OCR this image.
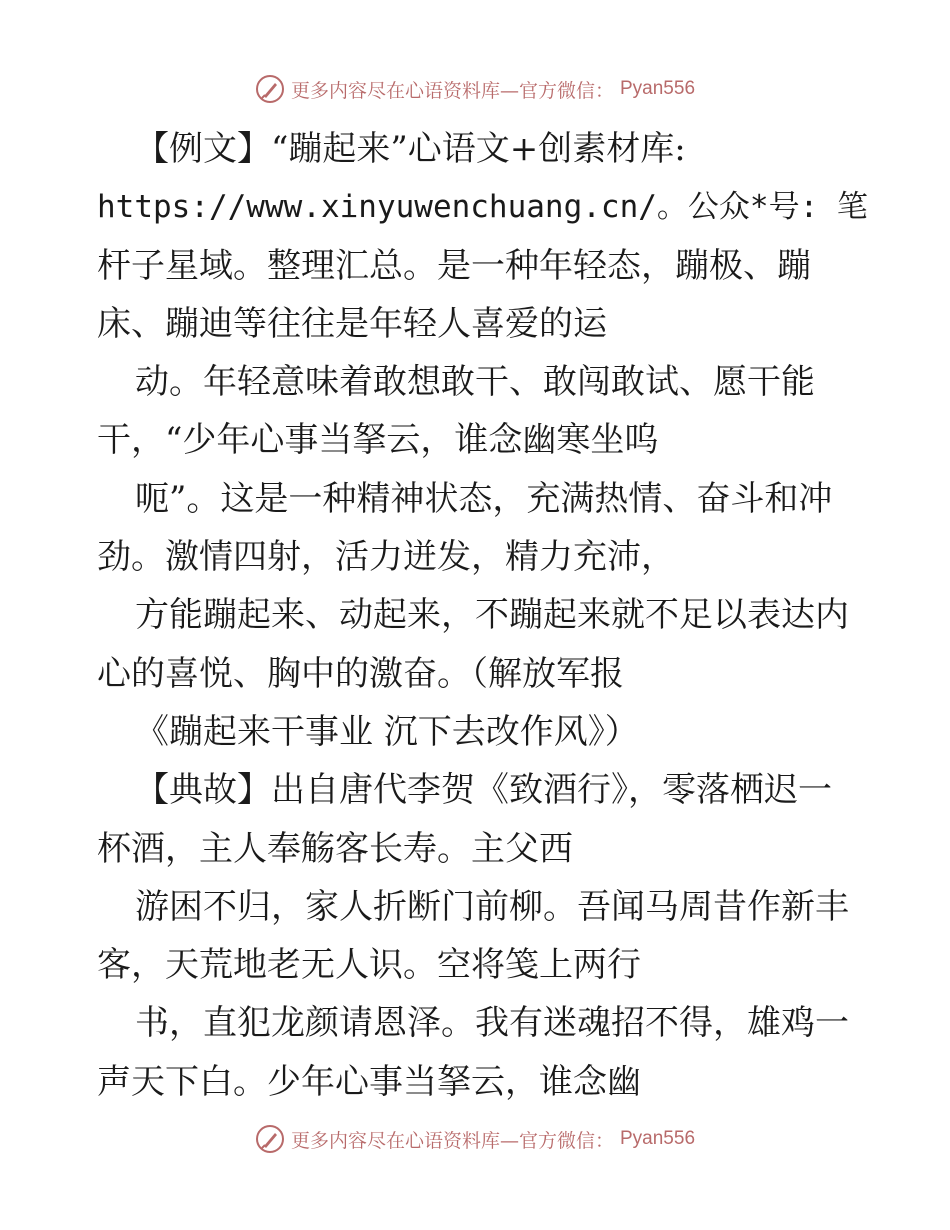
更多内容尽在心语资料库—官方微信： Pyan556
【例文】“蹦起来”心语文+创素材库:
https://www.xinyuwenchuang.cn/。公众*号: 笔
杆子星域。整理汇总。是一种年轻态，蹦极、蹦
床、蹦迪等往往是年轻人喜爱的运
动。年轻意味着敢想敢干、敢闯敢试、愿干能
干，“少年心事当拏云，谁念幽寒坐呜
呃”。这是一种精神状态，充满热情、奋斗和冲
劲。激情四射，活力迸发，精力充沛，
方能蹦起来、动起来，不蹦起来就不足以表达内
心的喜悦、胸中的激奋。（解放军报
《蹦起来干事业 沉下去改作风》）
【典故】出自唐代李贺《致酒行》，零落栖迟一
杯酒，主人奉觞客长寿。主父西
游困不归，家人折断门前柳。吾闻马周昔作新丰
客，天荒地老无人识。空将笺上两行
书，直犯龙颜请恩泽。我有迷魂招不得，雄鸡一
声天下白。少年心事当拏云，谁念幽
更多内容尽在心语资料库—官方微信： Pyan556
